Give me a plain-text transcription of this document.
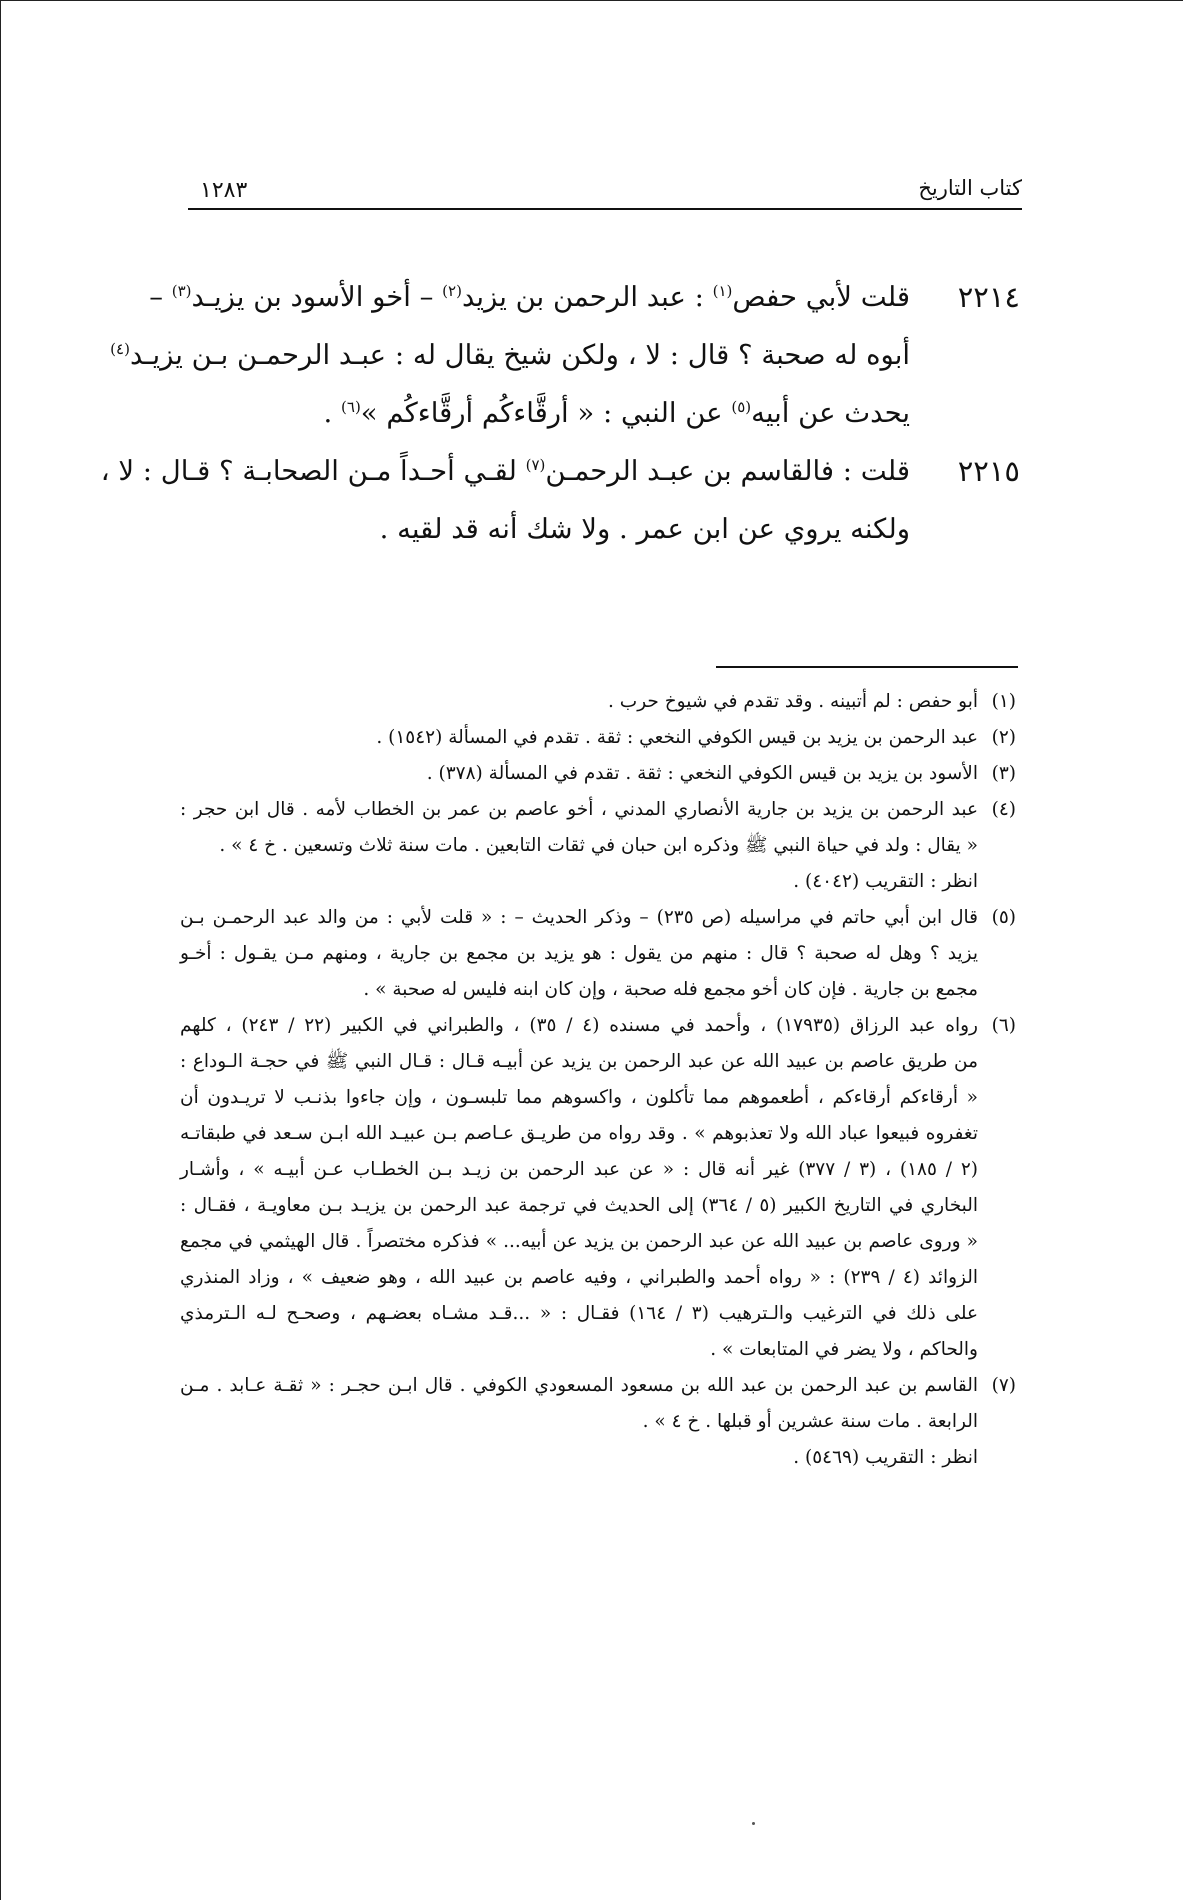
كتاب التاريخ
١٢٨٣
٢٢١٤
قلت لأبي حفص$^{(١)}$ : عبد الرحمن بن يزيد$^{(٢)}$ – أخو الأسود بن يزيـد$^{(٣)}$ –
أبوه له صحبة ؟ قال : لا ، ولكن شيخ يقال له : عبـد الرحمـن بـن يزيـد$^{(٤)}$
يحدث عن أبيه$^{(٥)}$ عن النبي : « أرقَّاءكُم أرقَّاءكُم »$^{(٦)}$ .
٢٢١٥
قلت : فالقاسم بن عبـد الرحمـن$^{(٧)}$ لقـي أحـداً مـن الصحابـة ؟ قـال : لا ،
ولكنه يروي عن ابن عمر . ولا شك أنه قد لقيه .
(١)
أبو حفص : لم أتبينه . وقد تقدم في شيوخ حرب .
(٢)
عبد الرحمن بن يزيد بن قيس الكوفي النخعي : ثقة . تقدم في المسألة (١٥٤٢) .
(٣)
الأسود بن يزيد بن قيس الكوفي النخعي : ثقة . تقدم في المسألة (٣٧٨) .
(٤)
عبد الرحمن بن يزيد بن جارية الأنصاري المدني ، أخو عاصم بن عمر بن الخطاب لأمه . قال ابن حجر :
« يقال : ولد في حياة النبي ﷺ وذكره ابن حبان في ثقات التابعين . مات سنة ثلاث وتسعين . خ ٤ » .
انظر : التقريب (٤٠٤٢) .
(٥)
قال ابن أبي حاتم في مراسيله (ص ٢٣٥) – وذكر الحديث – : « قلت لأبي : من والد عبد الرحمـن بـن
يزيد ؟ وهل له صحبة ؟ قال : منهم من يقول : هو يزيد بن مجمع بن جارية ، ومنهم مـن يقـول : أخـو
مجمع بن جارية . فإن كان أخو مجمع فله صحبة ، وإن كان ابنه فليس له صحبة » .
(٦)
رواه عبد الرزاق (١٧٩٣٥) ، وأحمد في مسنده (٤ / ٣٥) ، والطبراني في الكبير (٢٢ / ٢٤٣) ، كلهم
من طريق عاصم بن عبيد الله عن عبد الرحمن بن يزيد عن أبيـه قـال : قـال النبي ﷺ في حجـة الـوداع :
« أرقاءكم أرقاءكم ، أطعموهم مما تأكلون ، واكسوهم مما تلبسـون ، وإن جاءوا بذنـب لا تريـدون أن
تغفروه فبيعوا عباد الله ولا تعذبوهم » . وقد رواه من طريـق عـاصم بـن عبيـد الله ابـن سـعد في طبقاتـه
(٢ / ١٨٥) ، (٣ / ٣٧٧) غير أنه قال : « عن عبد الرحمن بن زيـد بـن الخطـاب عـن أبيـه » ، وأشـار
البخاري في التاريخ الكبير (٥ / ٣٦٤) إلى الحديث في ترجمة عبد الرحمن بن يزيـد بـن معاويـة ، فقـال :
« وروى عاصم بن عبيد الله عن عبد الرحمن بن يزيد عن أبيه... » فذكره مختصراً . قال الهيثمي في مجمع
الزوائد (٤ / ٢٣٩) : « رواه أحمد والطبراني ، وفيه عاصم بن عبيد الله ، وهو ضعيف » ، وزاد المنذري
على ذلك في الترغيب والـترهيب (٣ / ١٦٤) فقـال : « ...قـد مشـاه بعضـهم ، وصحـح لـه الـترمذي
والحاكم ، ولا يضر في المتابعات » .
(٧)
القاسم بن عبد الرحمن بن عبد الله بن مسعود المسعودي الكوفي . قال ابـن حجـر : « ثقـة عـابد . مـن
الرابعة . مات سنة عشرين أو قبلها . خ ٤ » .
انظر : التقريب (٥٤٦٩) .
